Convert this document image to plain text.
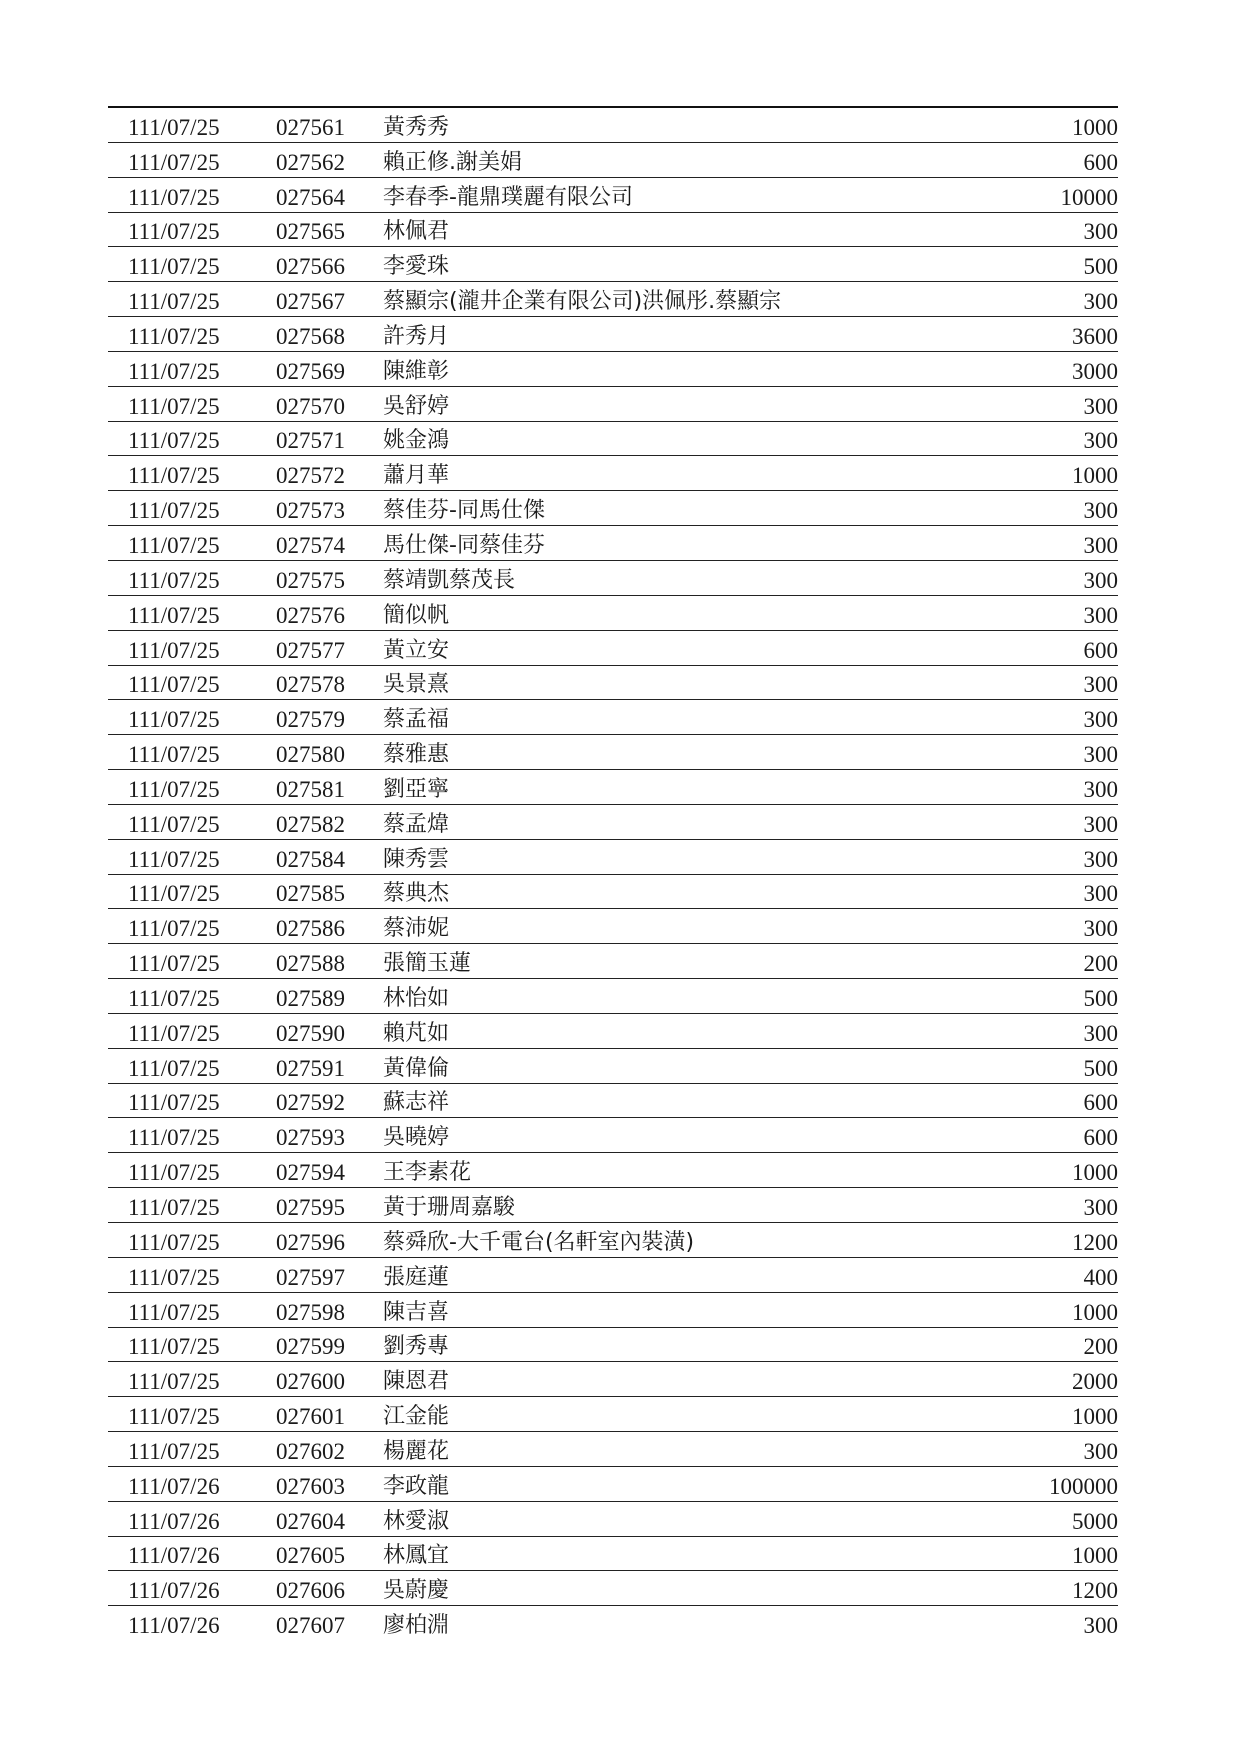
111/07/25 027561 黃秀秀	1000
111/07/25 027562 賴正修.謝美娟	600
111/07/25 027564 李春季-龍鼎璞麗有限公司	10000
111/07/25 027565 林佩君	300
111/07/25 027566 李愛珠	500
111/07/25 027567 蔡顯宗(瀧井企業有限公司)洪佩彤.蔡顯宗	300
111/07/25 027568 許秀月	3600
111/07/25 027569 陳維彰	3000
111/07/25 027570 吳舒婷	300
111/07/25 027571 姚金鴻	300
111/07/25 027572 蕭月華	1000
111/07/25 027573 蔡佳芬-同馬仕傑	300
111/07/25 027574 馬仕傑-同蔡佳芬	300
111/07/25 027575 蔡靖凱蔡茂長	300
111/07/25 027576 簡似帆	300
111/07/25 027577 黃立安	600
111/07/25 027578 吳景熹	300
111/07/25 027579 蔡孟福	300
111/07/25 027580 蔡雅惠	300
111/07/25 027581 劉亞寧	300
111/07/25 027582 蔡孟煒	300
111/07/25 027584 陳秀雲	300
111/07/25 027585 蔡典杰	300
111/07/25 027586 蔡沛妮	300
111/07/25 027588 張簡玉蓮	200
111/07/25 027589 林怡如	500
111/07/25 027590 賴芃如	300
111/07/25 027591 黃偉倫	500
111/07/25 027592 蘇志祥	600
111/07/25 027593 吳曉婷	600
111/07/25 027594 王李素花	1000
111/07/25 027595 黃于珊周嘉駿	300
111/07/25 027596 蔡舜欣-大千電台(名軒室內裝潢)	1200
111/07/25 027597 張庭蓮	400
111/07/25 027598 陳吉喜	1000
111/07/25 027599 劉秀專	200
111/07/25 027600 陳恩君	2000
111/07/25 027601 江金能	1000
111/07/25 027602 楊麗花	300
111/07/26 027603 李政龍	100000
111/07/26 027604 林愛淑	5000
111/07/26 027605 林鳳宜	1000
111/07/26 027606 吳蔚慶	1200
111/07/26 027607 廖柏淵	300
